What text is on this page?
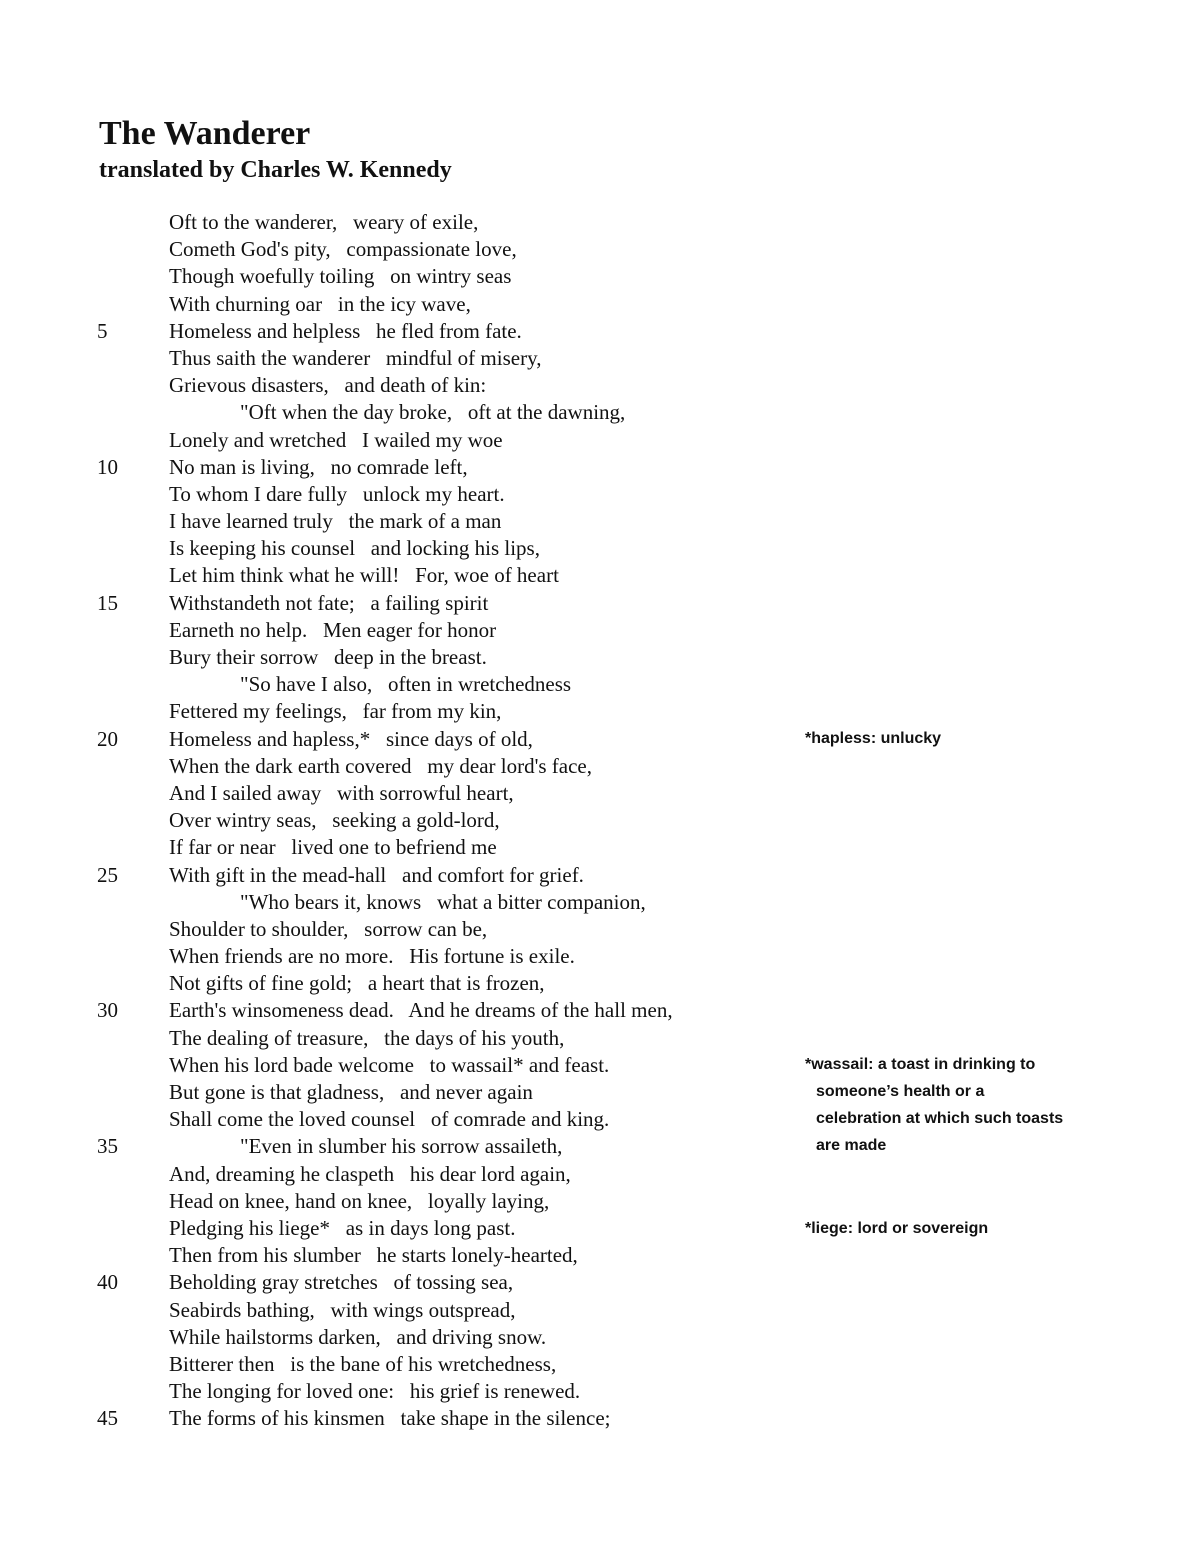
The Wanderer
translated by Charles W. Kennedy
Oft to the wanderer,   weary of exile,
Cometh God's pity,   compassionate love,
Though woefully toiling   on wintry seas
With churning oar   in the icy wave,
5	Homeless and helpless   he fled from fate.
Thus saith the wanderer   mindful of misery,
Grievous disasters,   and death of kin:
"Oft when the day broke,   oft at the dawning,
Lonely and wretched   I wailed my woe
10 No man is living,   no comrade left,
To whom I dare fully   unlock my heart.
I have learned truly   the mark of a man
Is keeping his counsel   and locking his lips,
Let him think what he will!   For, woe of heart
15 Withstandeth not fate;   a failing spirit
Earneth no help.   Men eager for honor
Bury their sorrow   deep in the breast.
"So have I also,   often in wretchedness
Fettered my feelings,   far from my kin,
20 Homeless and hapless,*   since days of old,
When the dark earth covered   my dear lord's face,
And I sailed away   with sorrowful heart,
Over wintry seas,   seeking a gold-lord,
If far or near   lived one to befriend me
25 With gift in the mead-hall   and comfort for grief.
"Who bears it, knows   what a bitter companion,
Shoulder to shoulder,   sorrow can be,
When friends are no more.   His fortune is exile.
Not gifts of fine gold;   a heart that is frozen,
30 Earth's winsomeness dead.   And he dreams of the hall men,
The dealing of treasure,   the days of his youth,
When his lord bade welcome   to wassail* and feast.
But gone is that gladness,   and never again
Shall come the loved counsel   of comrade and king.
35	"Even in slumber his sorrow assaileth,
And, dreaming he claspeth   his dear lord again,
Head on knee, hand on knee,   loyally laying,
Pledging his liege*   as in days long past.
Then from his slumber   he starts lonely-hearted,
40 Beholding gray stretches   of tossing sea,
Seabirds bathing,   with wings outspread,
While hailstorms darken,   and driving snow.
Bitterer then   is the bane of his wretchedness,
The longing for loved one:   his grief is renewed.
45 The forms of his kinsmen   take shape in the silence;
*hapless: unlucky
*wassail: a toast in drinking to
someone’s health or a
celebration at which such toasts
are made
*liege: lord or sovereign
